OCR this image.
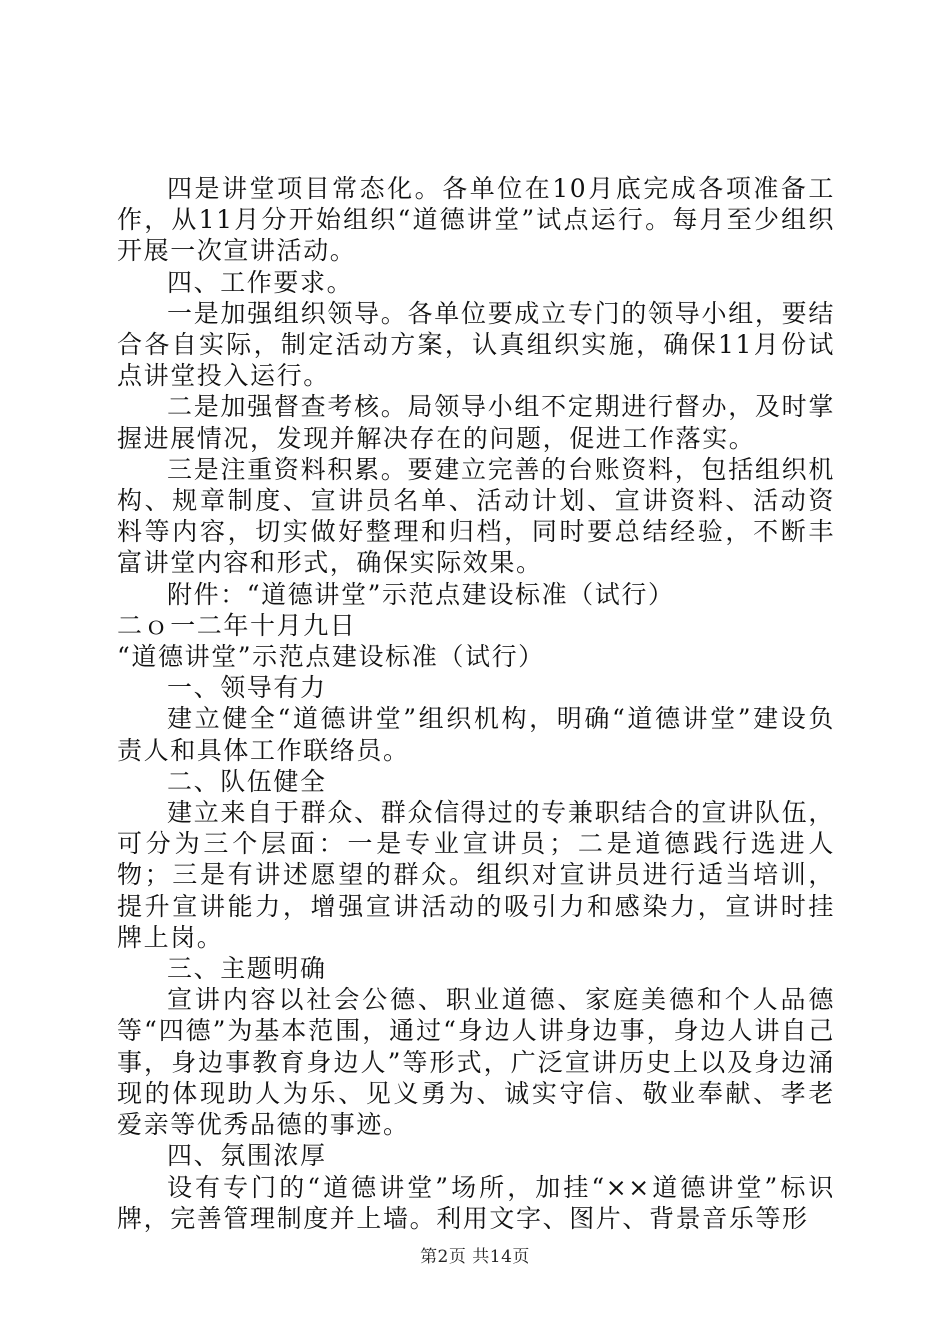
四是讲堂项目常态化。各单位在10月底完成各项准备工作，从11月分开始组织“道德讲堂”试点运行。每月至少组织开展一次宣讲活动。

四、工作要求。

一是加强组织领导。各单位要成立专门的领导小组，要结合各自实际，制定活动方案，认真组织实施，确保11月份试点讲堂投入运行。

二是加强督查考核。局领导小组不定期进行督办，及时掌握进展情况，发现并解决存在的问题，促进工作落实。

三是注重资料积累。要建立完善的台账资料，包括组织机构、规章制度、宣讲员名单、活动计划、宣讲资料、活动资料等内容，切实做好整理和归档，同时要总结经验，不断丰富讲堂内容和形式，确保实际效果。

附件：“道德讲堂”示范点建设标准（试行）

二ｏ一二年十月九日

“道德讲堂”示范点建设标准（试行）

一、领导有力

建立健全“道德讲堂”组织机构，明确“道德讲堂”建设负责人和具体工作联络员。

二、队伍健全

建立来自于群众、群众信得过的专兼职结合的宣讲队伍，可分为三个层面：一是专业宣讲员；二是道德践行选进人物；三是有讲述愿望的群众。组织对宣讲员进行适当培训，提升宣讲能力，增强宣讲活动的吸引力和感染力，宣讲时挂牌上岗。

三、主题明确

宣讲内容以社会公德、职业道德、家庭美德和个人品德等“四德”为基本范围，通过“身边人讲身边事，身边人讲自己事，身边事教育身边人”等形式，广泛宣讲历史上以及身边涌现的体现助人为乐、见义勇为、诚实守信、敬业奉献、孝老爱亲等优秀品德的事迹。

四、氛围浓厚

设有专门的“道德讲堂”场所，加挂“××道德讲堂”标识牌，完善管理制度并上墙。利用文字、图片、背景音乐等形

第2页 共14页
